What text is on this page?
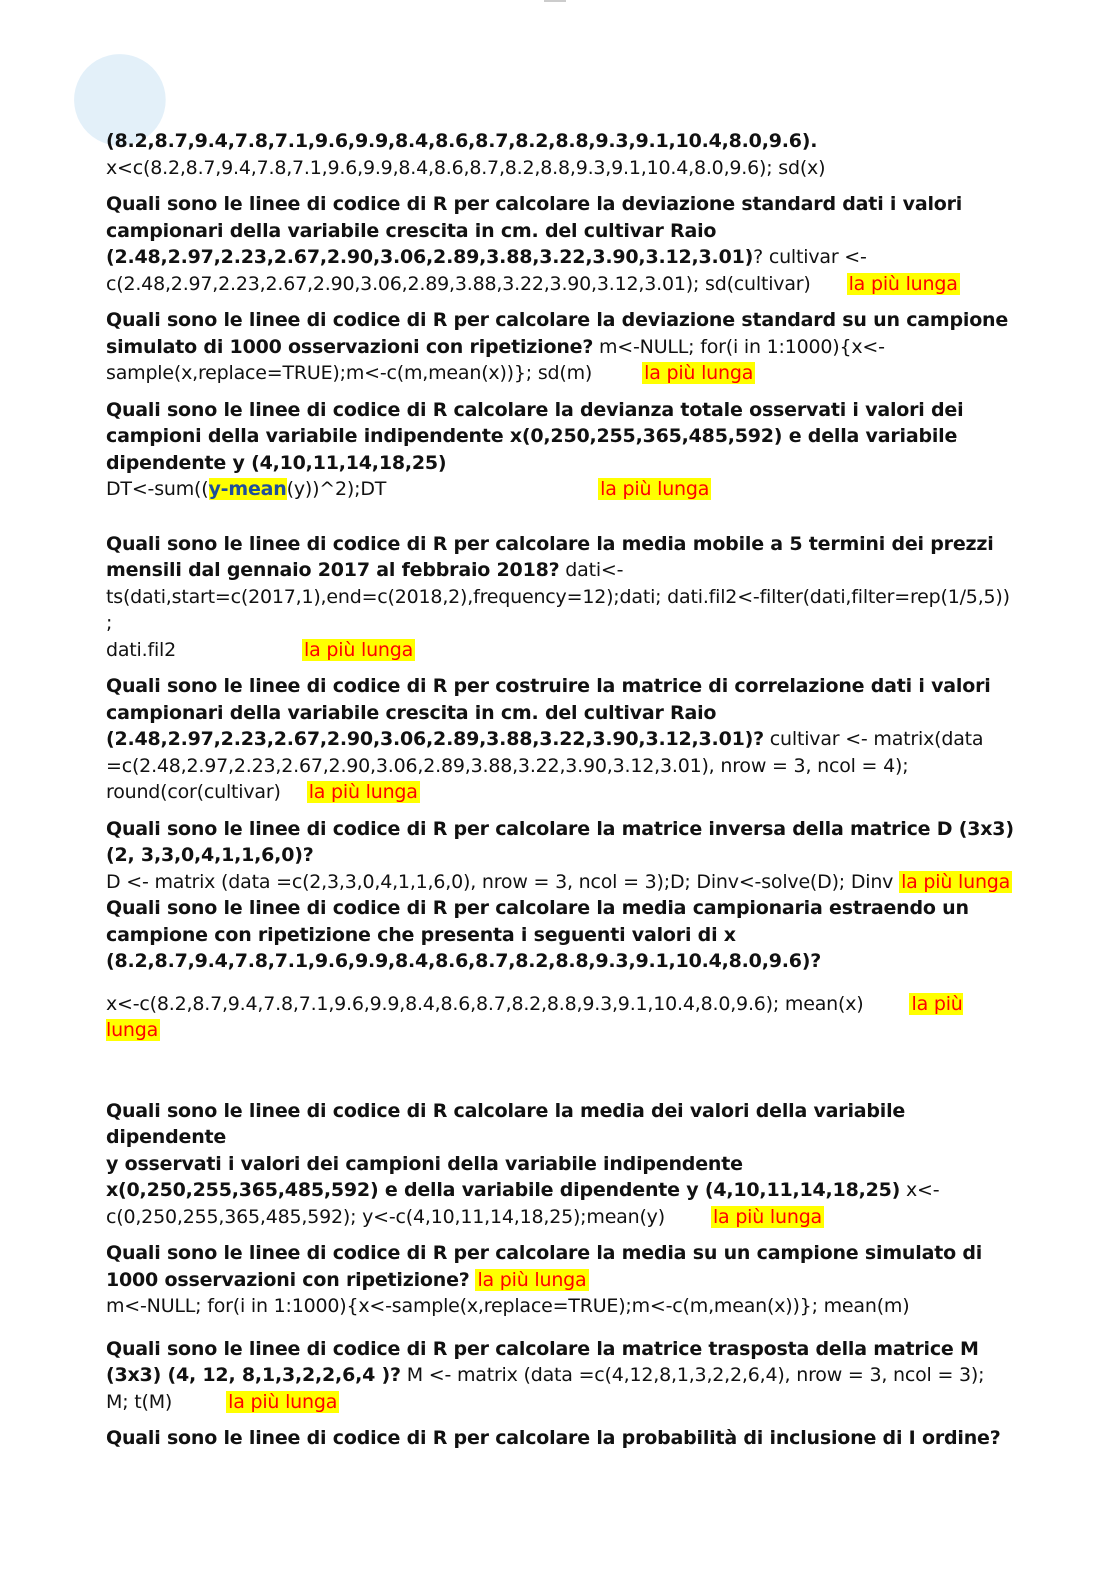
●
(8.2,8.7,9.4,7.8,7.1,9.6,9.9,8.4,8.6,8.7,8.2,8.8,9.3,9.1,10.4,8.0,9.6).
x<c(8.2,8.7,9.4,7.8,7.1,9.6,9.9,8.4,8.6,8.7,8.2,8.8,9.3,9.1,10.4,8.0,9.6); sd(x)
Quali sono le linee di codice di R per calcolare la deviazione standard dati i valori
campionari della variabile crescita in cm. del cultivar Raio
(2.48,2.97,2.23,2.67,2.90,3.06,2.89,3.88,3.22,3.90,3.12,3.01)? cultivar <-
c(2.48,2.97,2.23,2.67,2.90,3.06,2.89,3.88,3.22,3.90,3.12,3.01); sd(cultivar) la più lunga
Quali sono le linee di codice di R per calcolare la deviazione standard su un campione
simulato di 1000 osservazioni con ripetizione? m<-NULL; for(i in 1:1000){x<-
sample(x,replace=TRUE);m<-c(m,mean(x))}; sd(m)	la più lunga
Quali sono le linee di codice di R calcolare la devianza totale osservati i valori dei
campioni della variabile indipendente x(0,250,255,365,485,592) e della variabile
dipendente y (4,10,11,14,18,25)
DT<-sum((y-mean(y))^2);DT	la più lunga
Quali sono le linee di codice di R per calcolare la media mobile a 5 termini dei prezzi
mensili dal gennaio 2017 al febbraio 2018? dati<-
ts(dati,start=c(2017,1),end=c(2018,2),frequency=12);dati; dati.fil2<-filter(dati,filter=rep(1/5,5)) ;
dati.fil2	la più lunga
Quali sono le linee di codice di R per costruire la matrice di correlazione dati i valori
campionari della variabile crescita in cm. del cultivar Raio
(2.48,2.97,2.23,2.67,2.90,3.06,2.89,3.88,3.22,3.90,3.12,3.01)? cultivar <- matrix(data
=c(2.48,2.97,2.23,2.67,2.90,3.06,2.89,3.88,3.22,3.90,3.12,3.01), nrow = 3, ncol = 4);
round(cor(cultivar) la più lunga
Quali sono le linee di codice di R per calcolare la matrice inversa della matrice D (3x3)
(2, 3,3,0,4,1,1,6,0)?
D <- matrix (data =c(2,3,3,0,4,1,1,6,0), nrow = 3, ncol = 3);D; Dinv<-solve(D); Dinv la più lunga
Quali sono le linee di codice di R per calcolare la media campionaria estraendo un
campione con ripetizione che presenta i seguenti valori di x
(8.2,8.7,9.4,7.8,7.1,9.6,9.9,8.4,8.6,8.7,8.2,8.8,9.3,9.1,10.4,8.0,9.6)?
x<-c(8.2,8.7,9.4,7.8,7.1,9.6,9.9,8.4,8.6,8.7,8.2,8.8,9.3,9.1,10.4,8.0,9.6); mean(x)	la più lunga
Quali sono le linee di codice di R calcolare la media dei valori della variabile dipendente
y osservati i valori dei campioni della variabile indipendente
x(0,250,255,365,485,592) e della variabile dipendente y (4,10,11,14,18,25) x<-
c(0,250,255,365,485,592); y<-c(4,10,11,14,18,25);mean(y)	la più lunga
Quali sono le linee di codice di R per calcolare la media su un campione simulato di
1000 osservazioni con ripetizione? la più lunga
m<-NULL; for(i in 1:1000){x<-sample(x,replace=TRUE);m<-c(m,mean(x))}; mean(m)
Quali sono le linee di codice di R per calcolare la matrice trasposta della matrice M
(3x3) (4, 12, 8,1,3,2,2,6,4 )? M <- matrix (data =c(4,12,8,1,3,2,2,6,4), nrow = 3, ncol = 3);
M; t(M)	la più lunga
Quali sono le linee di codice di R per calcolare la probabilità di inclusione di I ordine?
